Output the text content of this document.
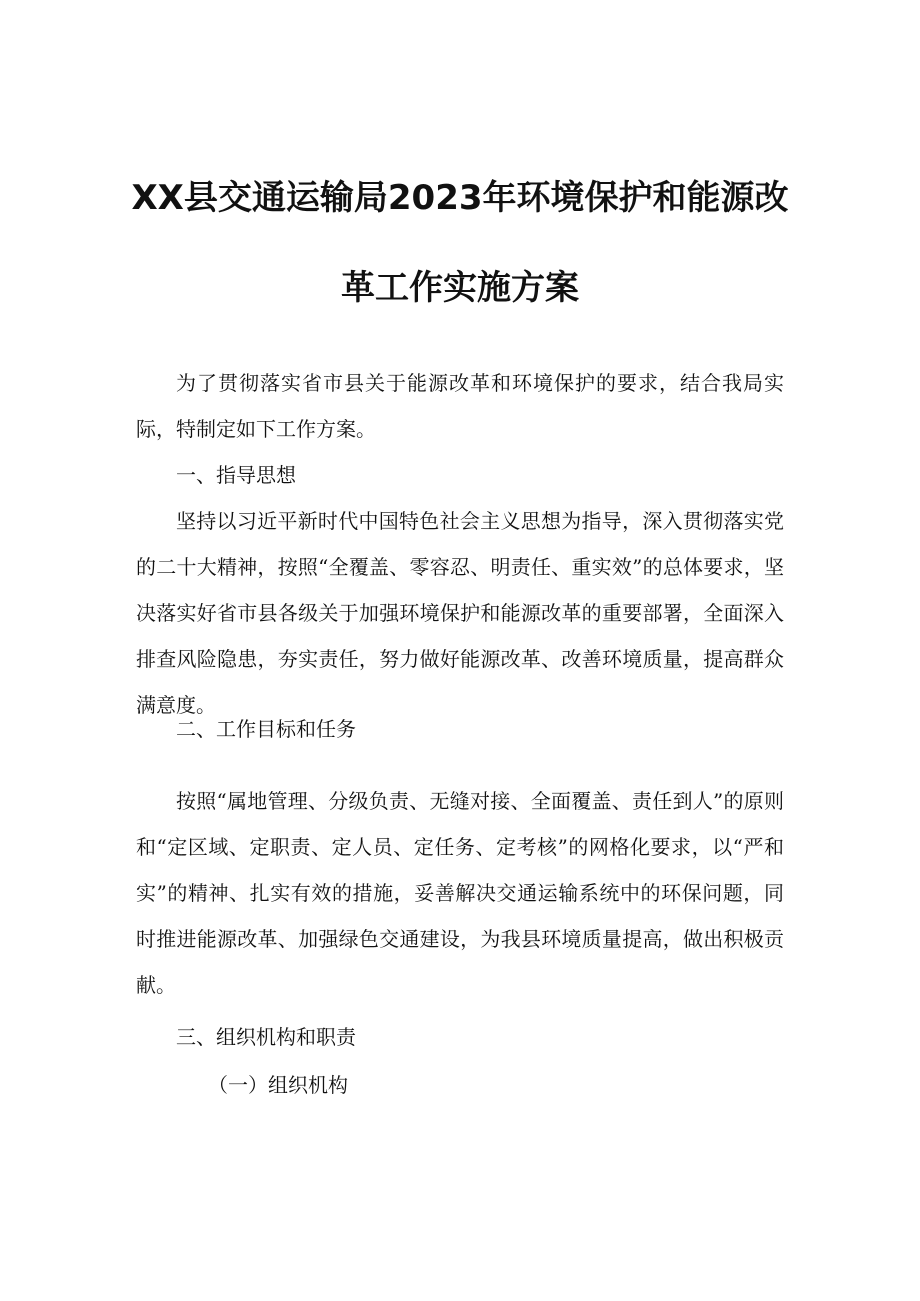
XX县交通运输局2023年环境保护和能源改
革工作实施方案

为了贯彻落实省市县关于能源改革和环境保护的要求，结合我局实际，特制定如下工作方案。

一、指导思想

坚持以习近平新时代中国特色社会主义思想为指导，深入贯彻落实党的二十大精神，按照“全覆盖、零容忍、明责任、重实效”的总体要求，坚决落实好省市县各级关于加强环境保护和能源改革的重要部署，全面深入排查风险隐患，夯实责任，努力做好能源改革、改善环境质量，提高群众满意度。

二、工作目标和任务

按照“属地管理、分级负责、无缝对接、全面覆盖、责任到人”的原则和“定区域、定职责、定人员、定任务、定考核”的网格化要求，以“严和实”的精神、扎实有效的措施，妥善解决交通运输系统中的环保问题，同时推进能源改革、加强绿色交通建设，为我县环境质量提高，做出积极贡献。

三、组织机构和职责

（一）组织机构
